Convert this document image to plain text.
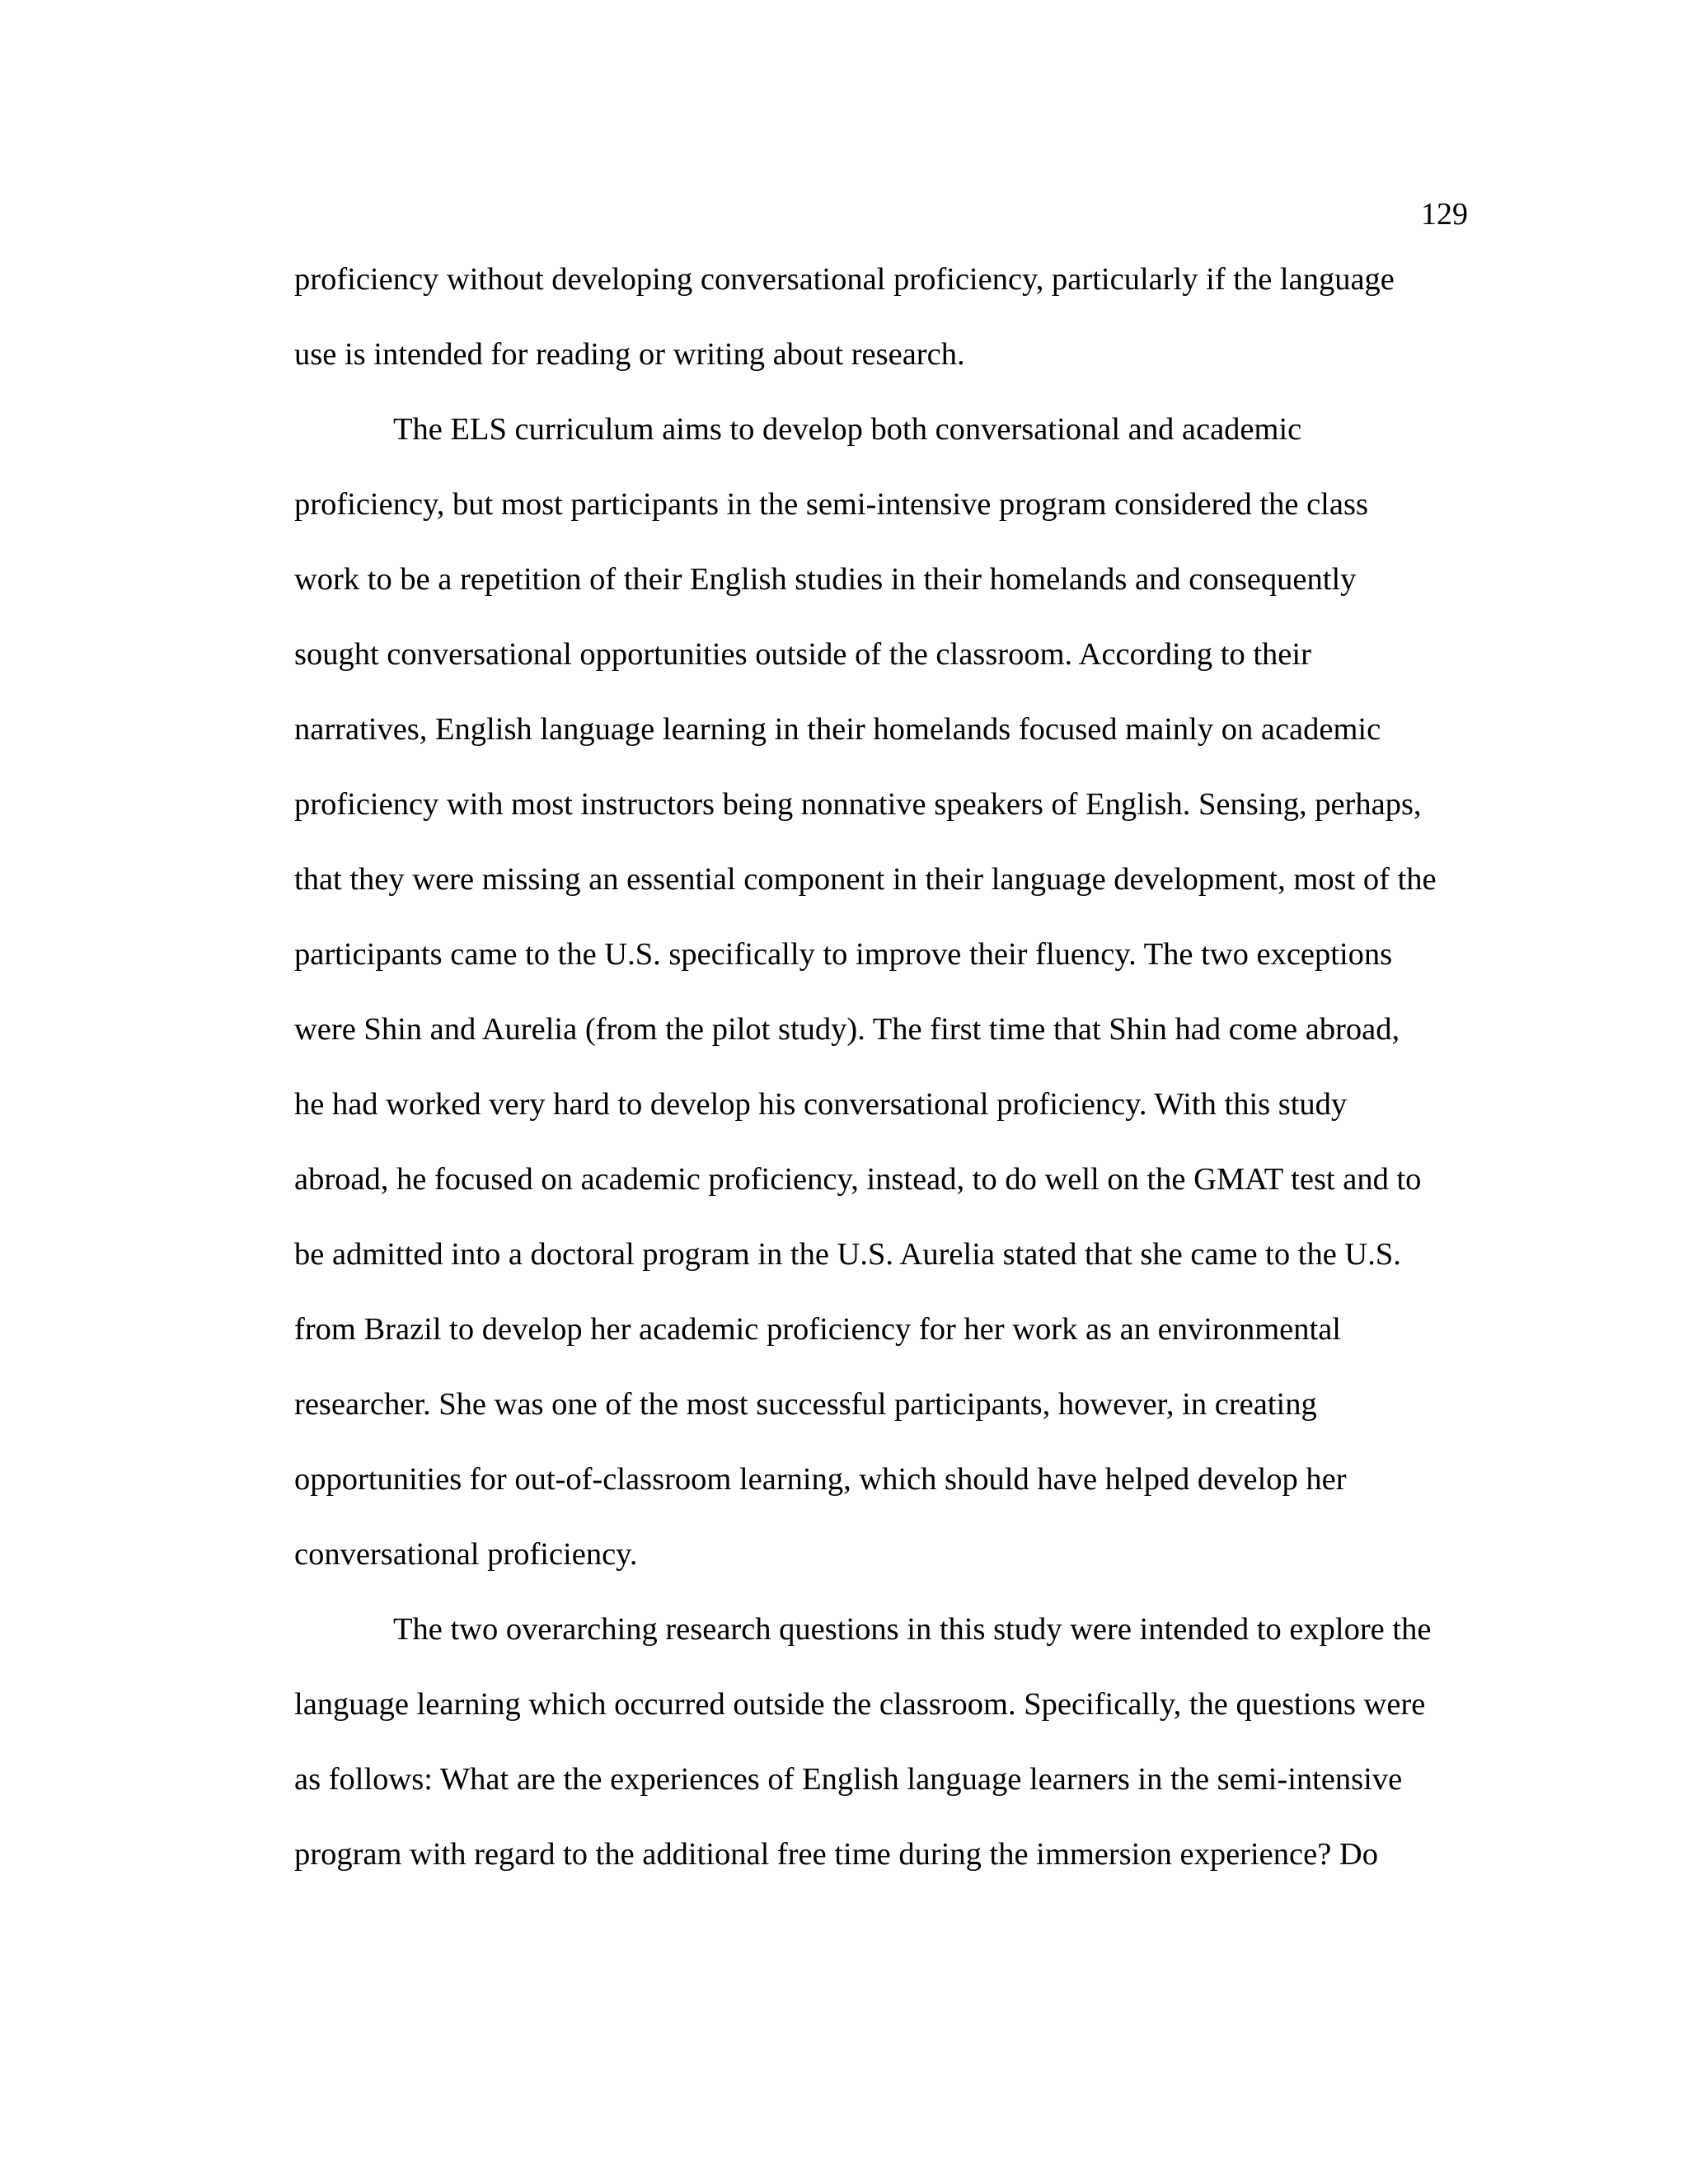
129
proficiency without developing conversational proficiency, particularly if the language
use is intended for reading or writing about research.
The ELS curriculum aims to develop both conversational and academic
proficiency, but most participants in the semi-intensive program considered the class
work to be a repetition of their English studies in their homelands and consequently
sought conversational opportunities outside of the classroom. According to their
narratives, English language learning in their homelands focused mainly on academic
proficiency with most instructors being nonnative speakers of English. Sensing, perhaps,
that they were missing an essential component in their language development, most of the
participants came to the U.S. specifically to improve their fluency. The two exceptions
were Shin and Aurelia (from the pilot study). The first time that Shin had come abroad,
he had worked very hard to develop his conversational proficiency. With this study
abroad, he focused on academic proficiency, instead, to do well on the GMAT test and to
be admitted into a doctoral program in the U.S. Aurelia stated that she came to the U.S.
from Brazil to develop her academic proficiency for her work as an environmental
researcher. She was one of the most successful participants, however, in creating
opportunities for out-of-classroom learning, which should have helped develop her
conversational proficiency.
The two overarching research questions in this study were intended to explore the
language learning which occurred outside the classroom. Specifically, the questions were
as follows: What are the experiences of English language learners in the semi-intensive
program with regard to the additional free time during the immersion experience? Do
